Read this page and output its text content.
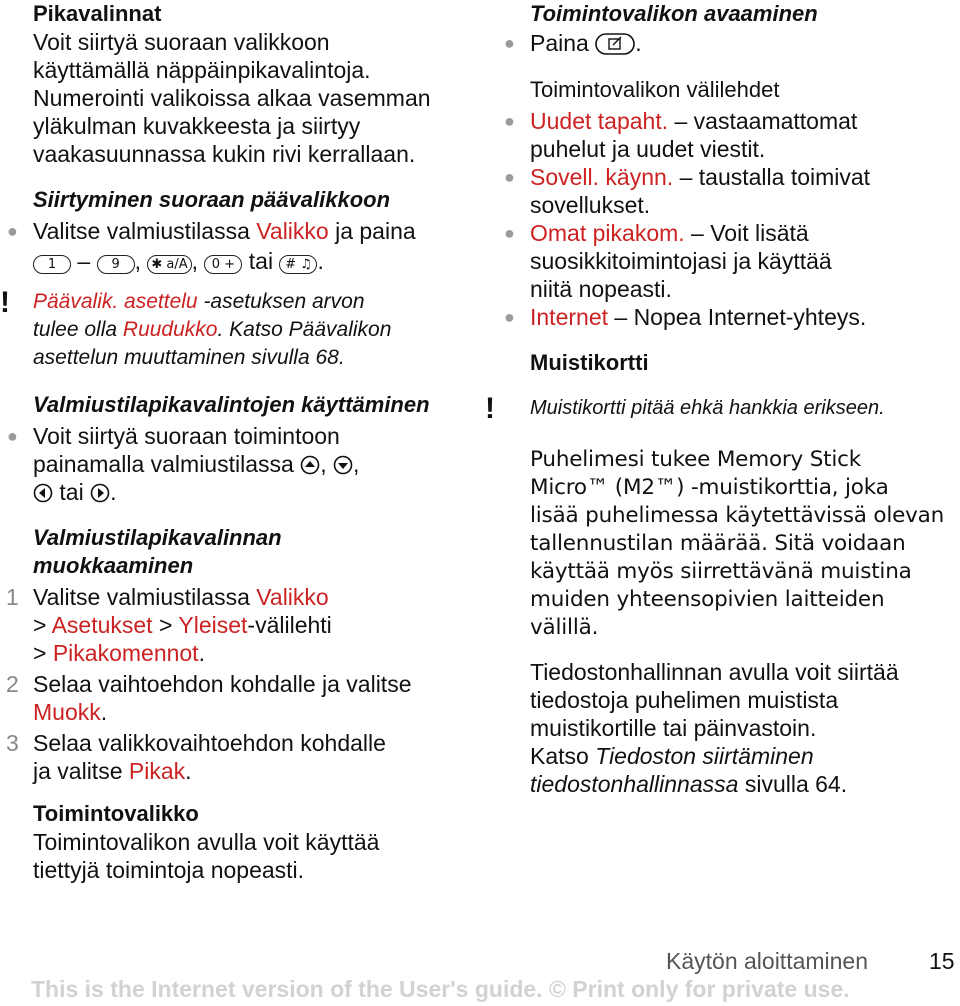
Pikavalinnat

Voit siirtyä suoraan valikkoon

käyttämällä näppäinpikavalintoja.

Numerointi valikoissa alkaa vasemman

yläkulman kuvakkeesta ja siirtyy

vaakasuunnassa kukin rivi kerrallaan.

Siirtyminen suoraan päävalikkoon

● Valitse valmiustilassa Valikko ja paina
1 – 9 , ✱ a/A , 0 + tai # ♫ .
! Päävalik. asettelu -asetuksen arvon

tulee olla Ruudukko. Katso Päävalikon

asettelun muuttaminen sivulla 68.

Valmiustilapikavalintojen käyttäminen

● Voit siirtyä suoraan toimintoon

painamalla valmiustilassa , ,

tai .

Valmiustilapikavalinnan

muokkaaminen

1 Valitse valmiustilassa Valikko

> Asetukset > Yleiset-välilehti

> Pikakomennot.

2 Selaa vaihtoehdon kohdalle ja valitse

Muokk.

3 Selaa valikkovaihtoehdon kohdalle

ja valitse Pikak.

Toimintovalikko

Toimintovalikon avulla voit käyttää

tiettyjä toimintoja nopeasti.

Toimintovalikon avaaminen

● Paina .

Toimintovalikon välilehdet

● Uudet tapaht. – vastaamattomat

puhelut ja uudet viestit.

● Sovell. käynn. – taustalla toimivat

sovellukset.

● Omat pikakom. – Voit lisätä

suosikkitoimintojasi ja käyttää

niitä nopeasti.

● Internet – Nopea Internet-yhteys.

Muistikortti

! Muistikortti pitää ehkä hankkia erikseen.

Puhelimesi tukee Memory Stick

Micro™ (M2™) -muistikorttia, joka

lisää puhelimessa käytettävissä olevan

tallennustilan määrää. Sitä voidaan

käyttää myös siirrettävänä muistina

muiden yhteensopivien laitteiden välillä.

Tiedostonhallinnan avulla voit siirtää

tiedostoja puhelimen muistista

muistikortille tai päinvastoin.

Katso Tiedoston siirtäminen

tiedostonhallinnassa sivulla 64.

Käytön aloittaminen	15
This is the Internet version of the User's guide. © Print only for private use.
